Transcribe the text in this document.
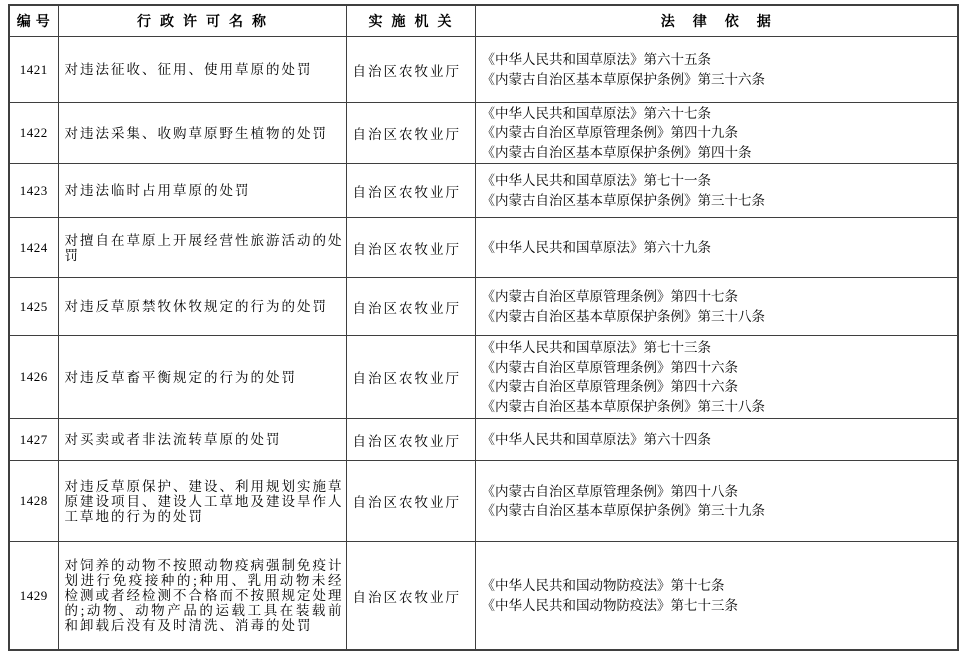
编号	行政许可名称	实施机关	法律依据
1421	对违法征收、征用、使用草原的处罚	自治区农牧业厅	《中华人民共和国草原法》第六十五条
《内蒙古自治区基本草原保护条例》第三十六条

1422	对违法采集、收购草原野生植物的处罚	自治区农牧业厅	《中华人民共和国草原法》第六十七条
《内蒙古自治区草原管理条例》第四十九条
《内蒙古自治区基本草原保护条例》第四十条

1423	对违法临时占用草原的处罚	自治区农牧业厅	《中华人民共和国草原法》第七十一条
《内蒙古自治区基本草原保护条例》第三十七条

1424	对擅自在草原上开展经营性旅游活动的处罚	自治区农牧业厅	《中华人民共和国草原法》第六十九条

1425	对违反草原禁牧休牧规定的行为的处罚	自治区农牧业厅	《内蒙古自治区草原管理条例》第四十七条
《内蒙古自治区基本草原保护条例》第三十八条

1426	对违反草畜平衡规定的行为的处罚	自治区农牧业厅	《中华人民共和国草原法》第七十三条
《内蒙古自治区草原管理条例》第四十六条
《内蒙古自治区草原管理条例》第四十六条
《内蒙古自治区基本草原保护条例》第三十八条

1427	对买卖或者非法流转草原的处罚	自治区农牧业厅	《中华人民共和国草原法》第六十四条

1428	对违反草原保护、建设、利用规划实施草原建设项目、建设人工草地及建设旱作人工草地的行为的处罚	自治区农牧业厅	《内蒙古自治区草原管理条例》第四十八条
《内蒙古自治区基本草原保护条例》第三十九条

1429	对饲养的动物不按照动物疫病强制免疫计划进行免疫接种的;种用、乳用动物未经检测或者经检测不合格而不按照规定处理的;动物、动物产品的运载工具在装载前和卸载后没有及时清洗、消毒的处罚	自治区农牧业厅	《中华人民共和国动物防疫法》第十七条
《中华人民共和国动物防疫法》第七十三条
